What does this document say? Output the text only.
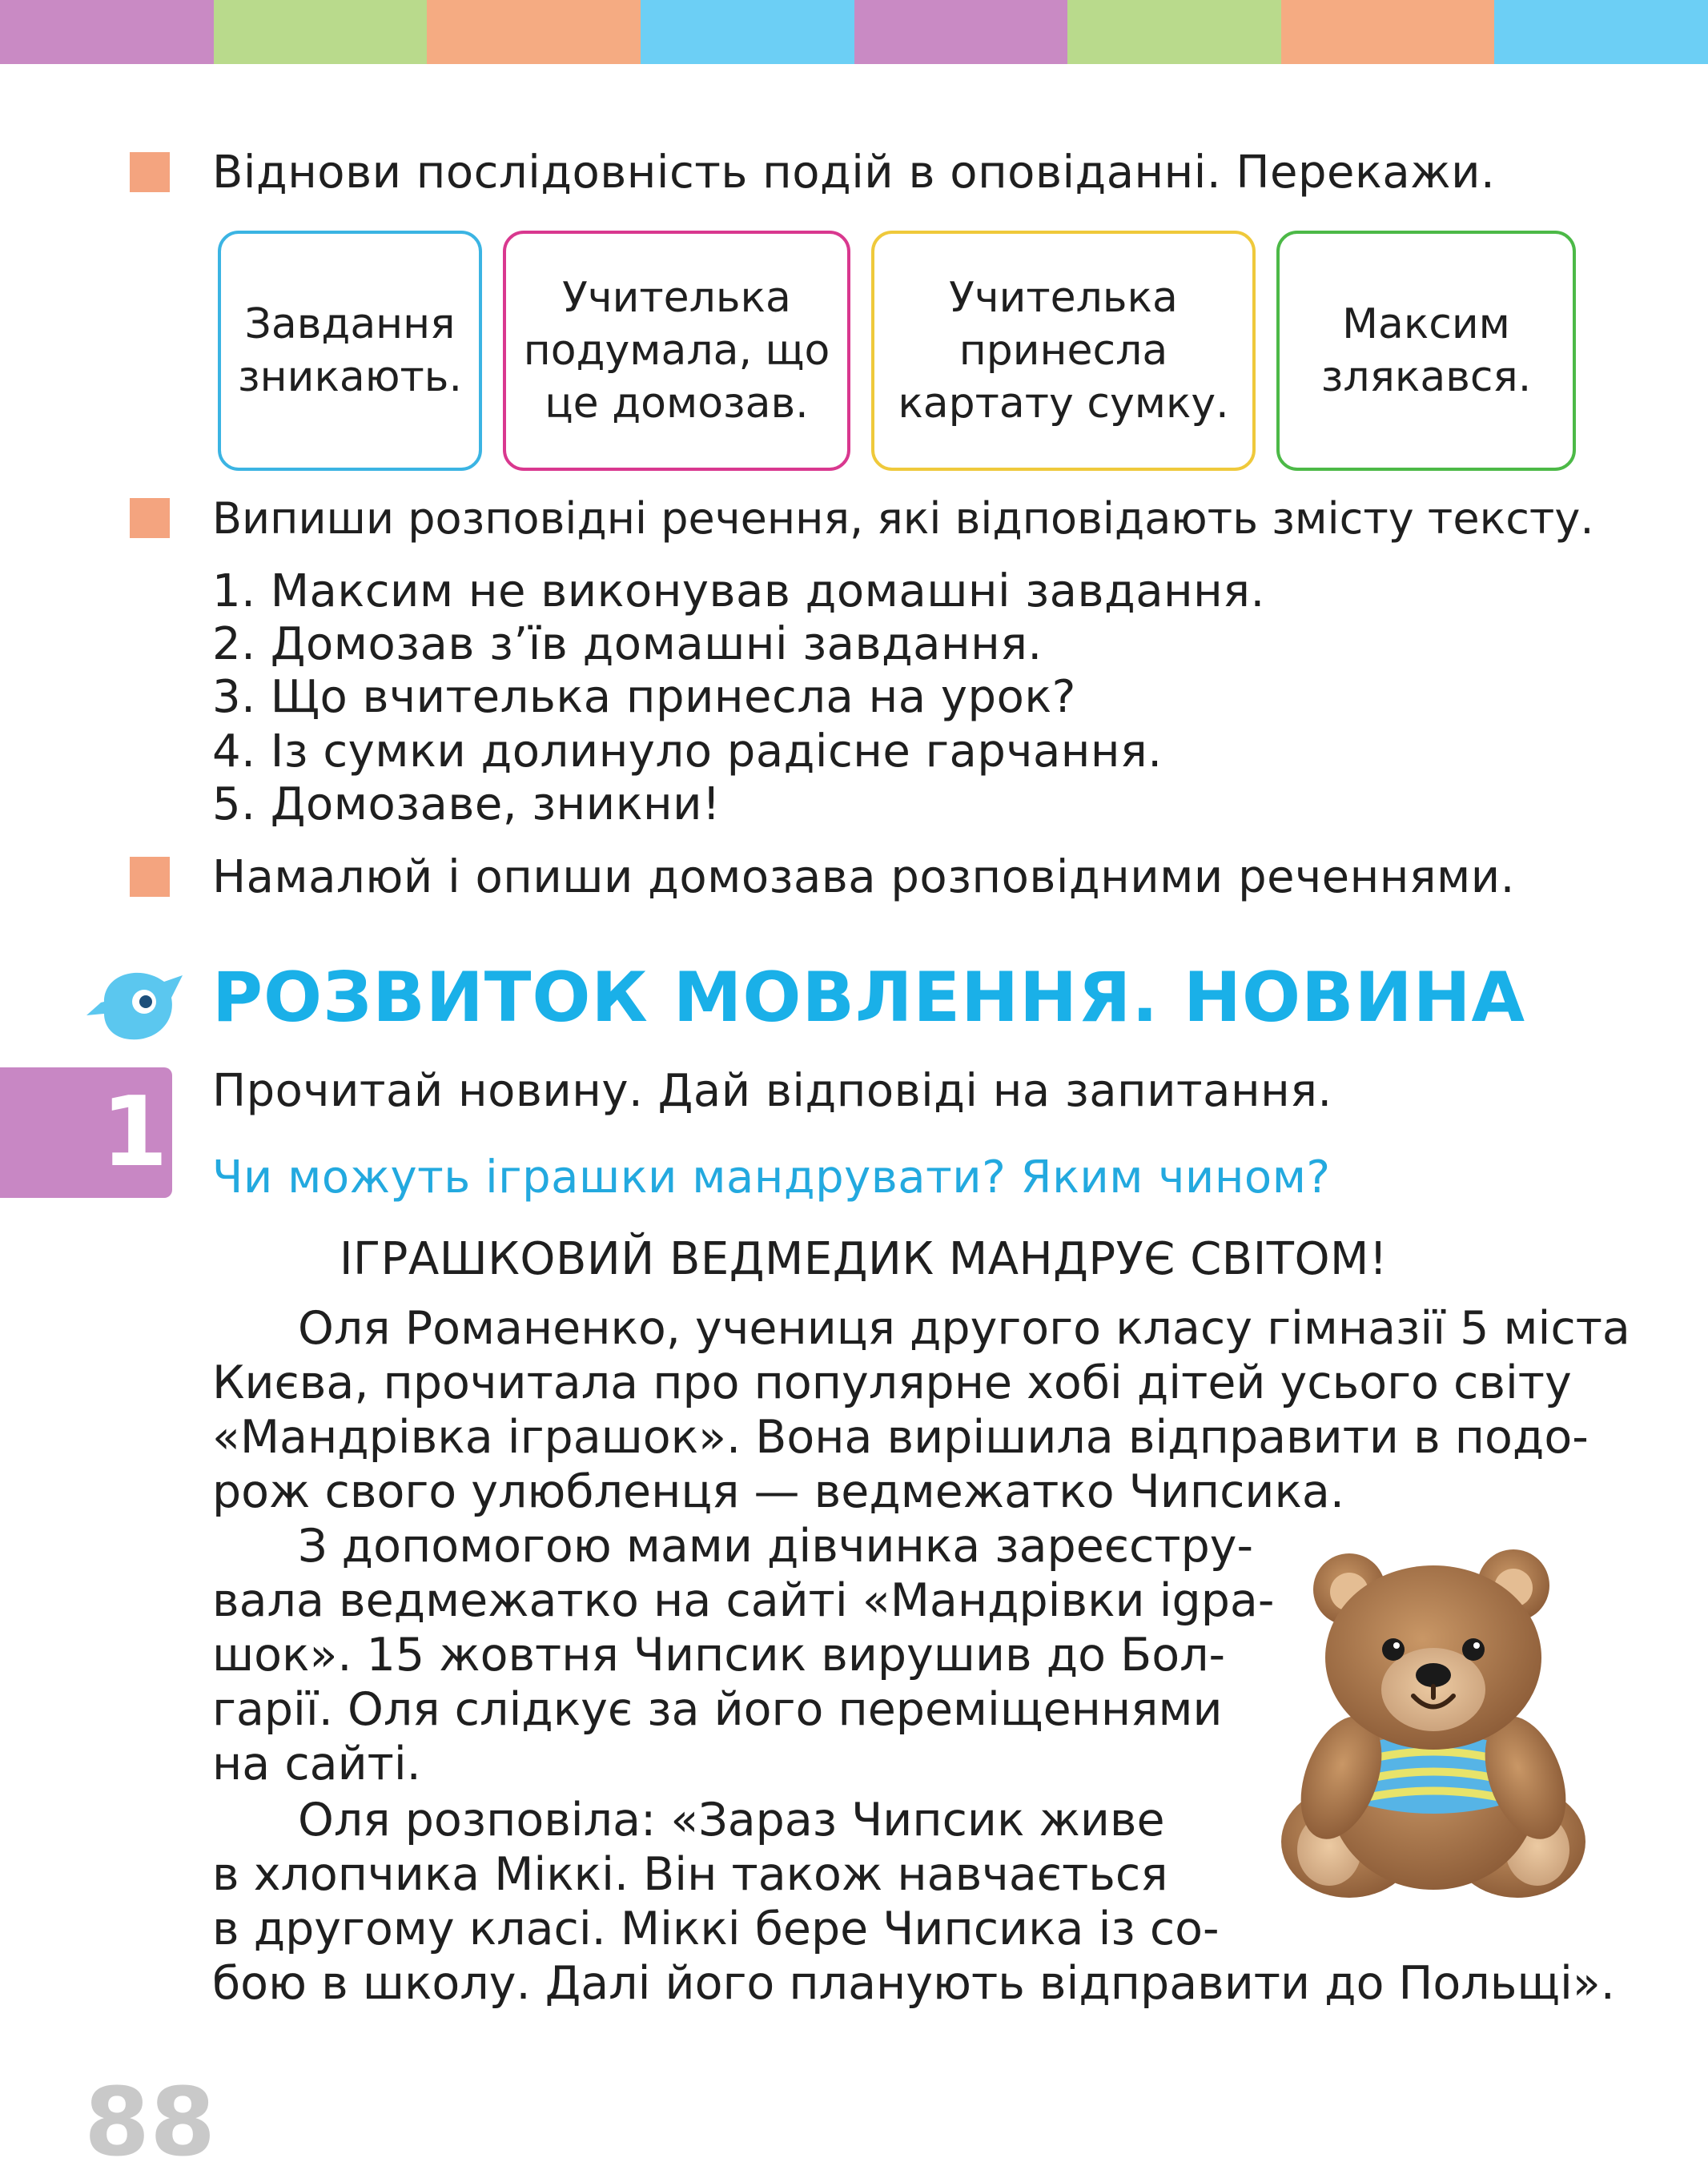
Віднови послідовність подій в оповіданні. Перекажи.
Завдання
зникають.
Учителька
подумала, що
це домозав.
Учителька
принесла
картату сумку.
Максим
злякався.
Випиши розповідні речення, які відповідають змісту тексту.
1. Максим не виконував домашні завдання.
2. Домозав з’їв домашні завдання.
3. Що вчителька принесла на урок?
4. Із сумки долинуло радісне гарчання.
5. Домозаве, зникни!
Намалюй і опиши домозава розповідними реченнями.
РОЗВИТОК МОВЛЕННЯ. НОВИНА
1 Прочитай новину. Дай відповіді на запитання.
Чи можуть іграшки мандрувати? Яким чином?
ІГРАШКОВИЙ ВЕДМЕДИК МАНДРУЄ СВІТОМ!
Оля Романенко, учениця другого класу гімназії 5 міста
Києва, прочитала про популярне хобі дітей усього світу
«Мандрівка іграшок». Вона вирішила відправити в подо-
рож свого улюбленця — ведмежатко Чипсика.
З допомогою мами дівчинка зареєстру-
вала ведмежатко на сайті «Мандрівки igра-
шок». 15 жовтня Чипсик вирушив до Бол-
гарії. Оля слідкує за його переміщеннями
на сайті.
Оля розповіла: «Зараз Чипсик живе
в хлопчика Міккі. Він також навчається
в другому класі. Міккі бере Чипсика із со-
бою в школу. Далі його планують відправити до Польщі».
88
